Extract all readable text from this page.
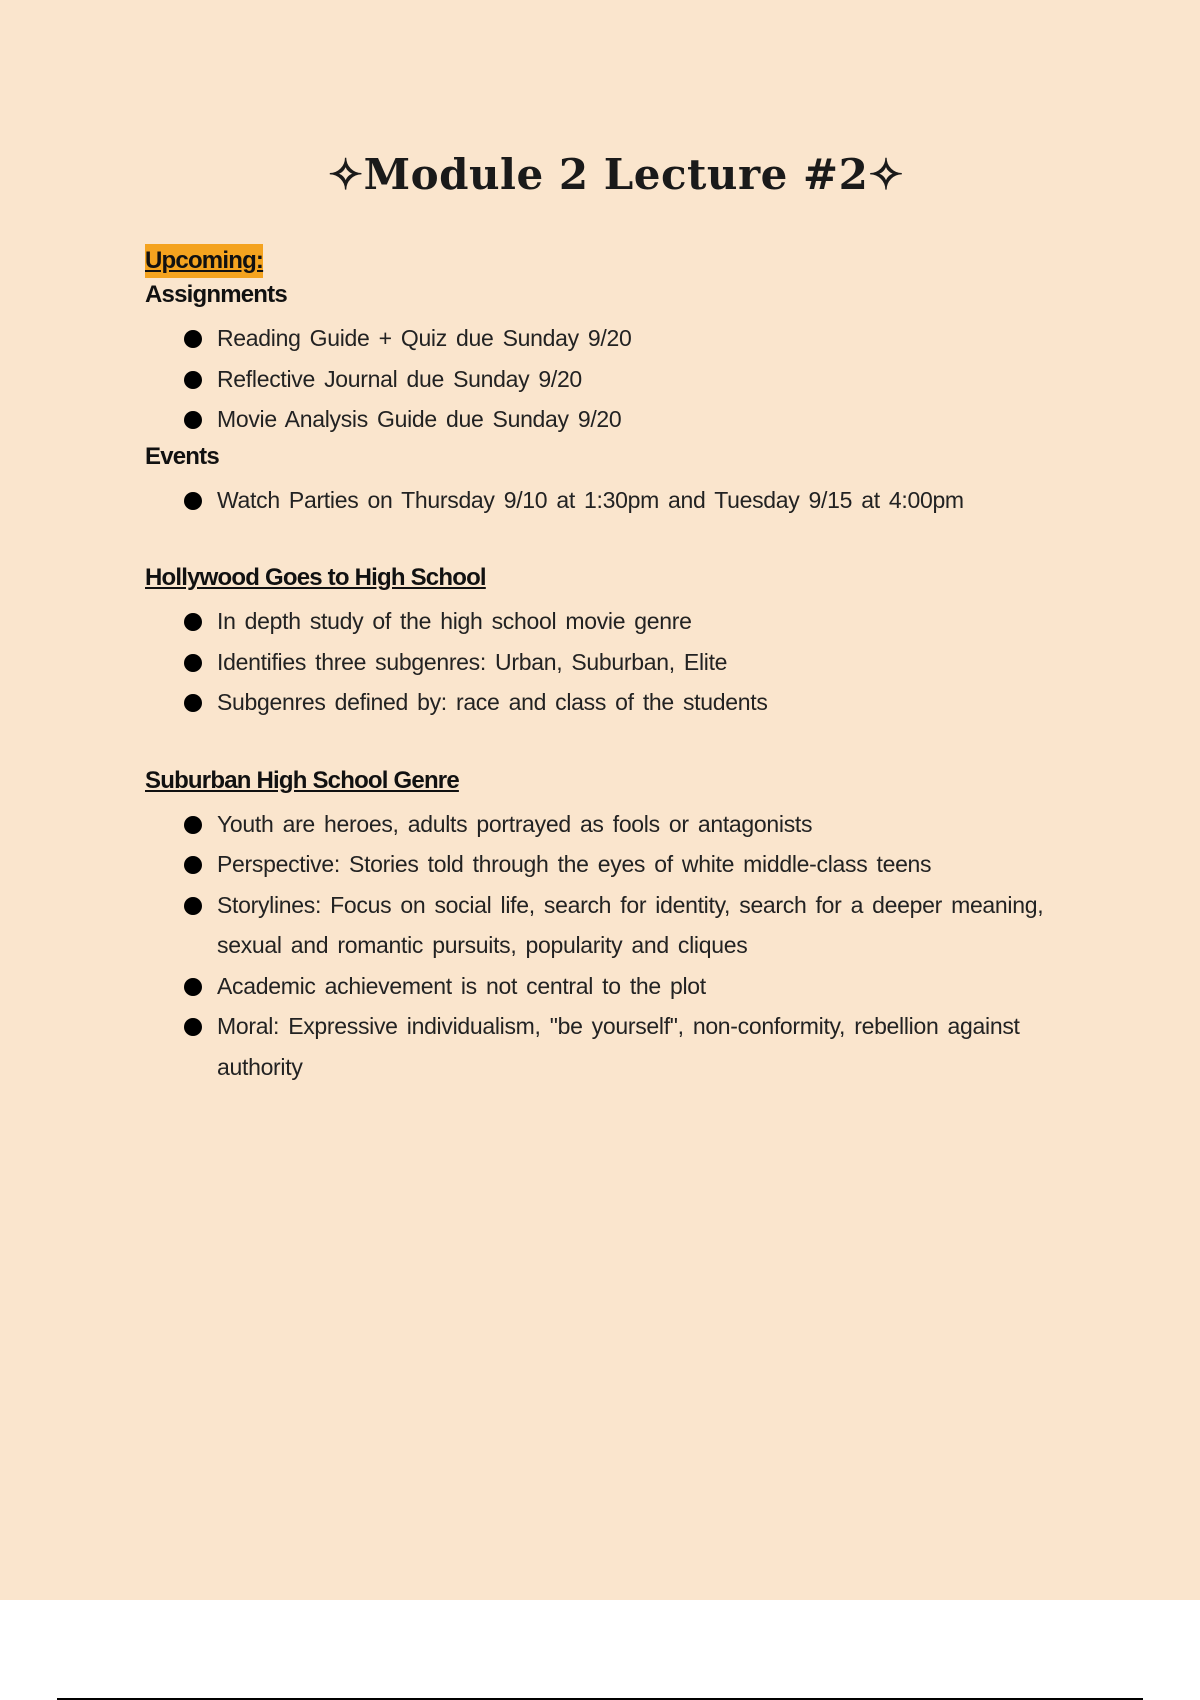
✧Module 2 Lecture #2✧
Upcoming:
Assignments
Reading Guide + Quiz due Sunday 9/20
Reflective Journal due Sunday 9/20
Movie Analysis Guide due Sunday 9/20
Events
Watch Parties on Thursday 9/10 at 1:30pm and Tuesday 9/15 at 4:00pm
Hollywood Goes to High School
In depth study of the high school movie genre
Identifies three subgenres: Urban, Suburban, Elite
Subgenres defined by: race and class of the students
Suburban High School Genre
Youth are heroes, adults portrayed as fools or antagonists
Perspective: Stories told through the eyes of white middle-class teens
Storylines: Focus on social life, search for identity, search for a deeper meaning, sexual and romantic pursuits, popularity and cliques
Academic achievement is not central to the plot
Moral: Expressive individualism, "be yourself", non-conformity, rebellion against authority
